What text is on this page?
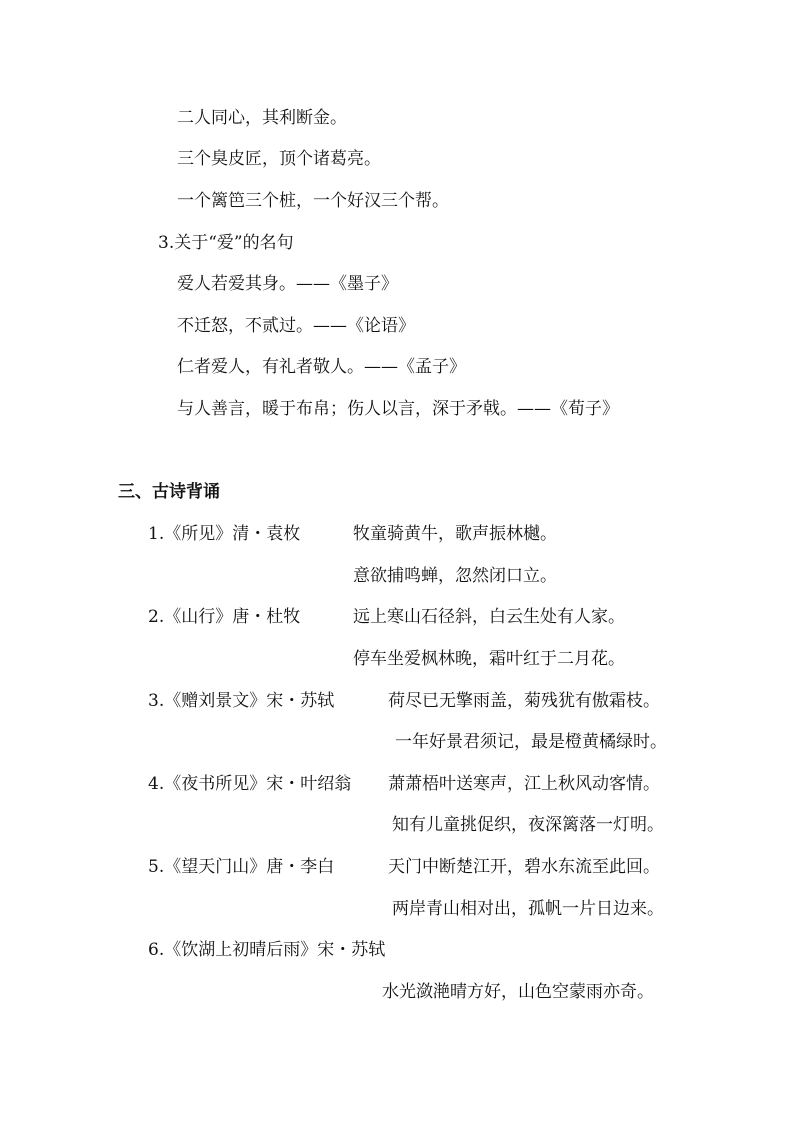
二人同心，其利断金。
三个臭皮匠，顶个诸葛亮。
一个篱笆三个桩，一个好汉三个帮。
3.关于“爱”的名句
爱人若爱其身。——《墨子》
不迁怒，不贰过。——《论语》
仁者爱人，有礼者敬人。——《孟子》
与人善言，暖于布帛；伤人以言，深于矛戟。——《荀子》
三、古诗背诵
1.《所见》清・袁枚	牧童骑黄牛，歌声振林樾。
意欲捕鸣蝉，忽然闭口立。
2.《山行》唐・杜牧	远上寒山石径斜，白云生处有人家。
停车坐爱枫林晚，霜叶红于二月花。
3.《赠刘景文》宋・苏轼	荷尽已无擎雨盖，菊残犹有傲霜枝。
一年好景君须记，最是橙黄橘绿时。
4.《夜书所见》宋・叶绍翁 萧萧梧叶送寒声，江上秋风动客情。
知有儿童挑促织，夜深篱落一灯明。
5.《望天门山》唐・李白	天门中断楚江开，碧水东流至此回。
两岸青山相对出，孤帆一片日边来。
6.《饮湖上初晴后雨》宋・苏轼
水光潋滟晴方好，山色空蒙雨亦奇。
